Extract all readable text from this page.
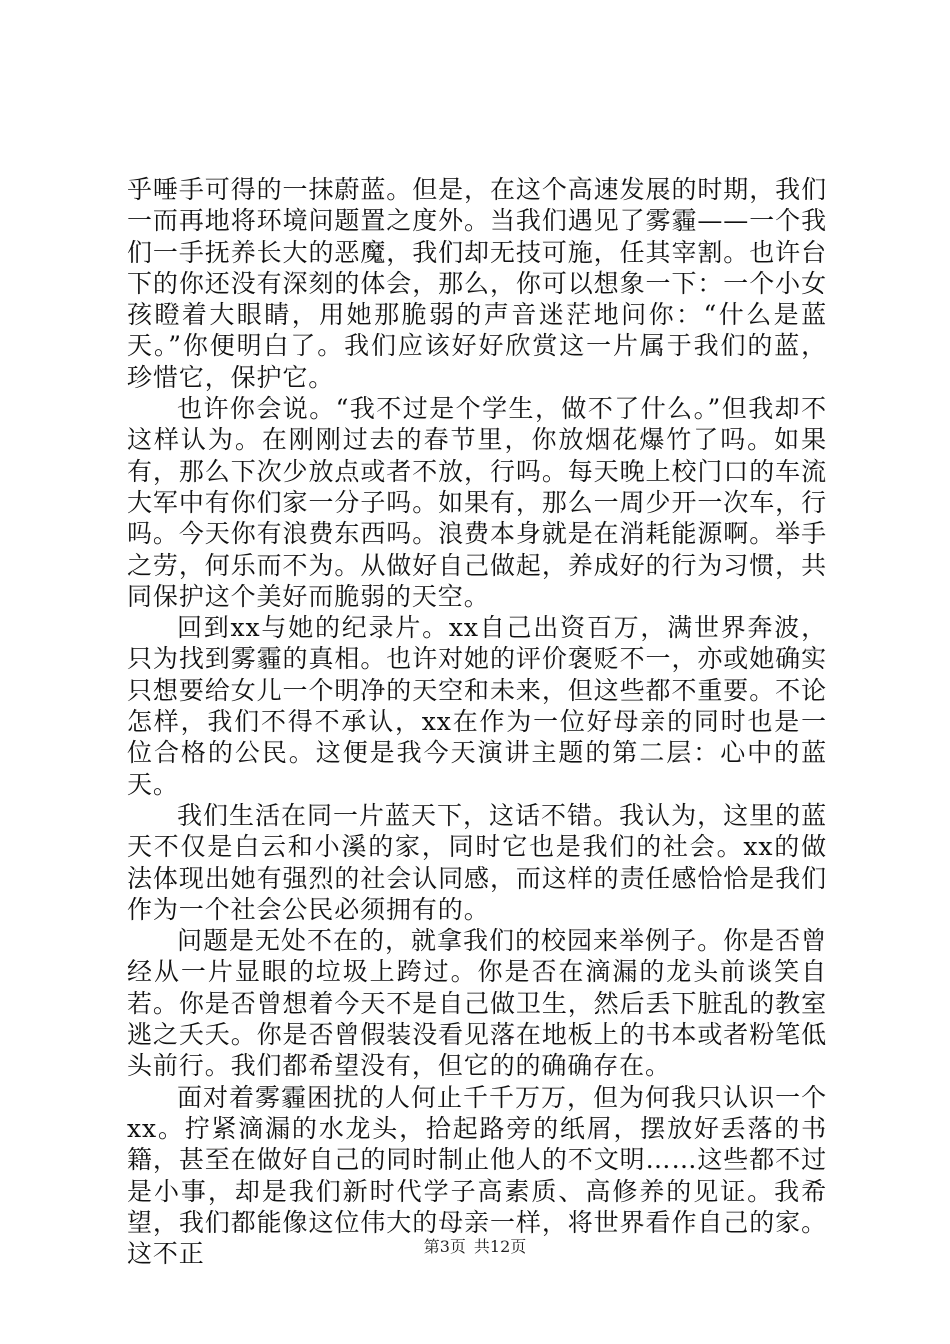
乎唾手可得的一抹蔚蓝。但是，在这个高速发展的时期，我们一而再地将环境问题置之度外。当我们遇见了雾霾——一个我们一手抚养长大的恶魔，我们却无技可施，任其宰割。也许台下的你还没有深刻的体会，那么，你可以想象一下：一个小女孩瞪着大眼睛，用她那脆弱的声音迷茫地问你：“什么是蓝天。”你便明白了。我们应该好好欣赏这一片属于我们的蓝，珍惜它，保护它。

也许你会说。“我不过是个学生，做不了什么。”但我却不这样认为。在刚刚过去的春节里，你放烟花爆竹了吗。如果有，那么下次少放点或者不放，行吗。每天晚上校门口的车流大军中有你们家一分子吗。如果有，那么一周少开一次车，行吗。今天你有浪费东西吗。浪费本身就是在消耗能源啊。举手之劳，何乐而不为。从做好自己做起，养成好的行为习惯，共同保护这个美好而脆弱的天空。

回到xx与她的纪录片。xx自己出资百万，满世界奔波，只为找到雾霾的真相。也许对她的评价褒贬不一，亦或她确实只想要给女儿一个明净的天空和未来，但这些都不重要。不论怎样，我们不得不承认，xx在作为一位好母亲的同时也是一位合格的公民。这便是我今天演讲主题的第二层：心中的蓝天。

我们生活在同一片蓝天下，这话不错。我认为，这里的蓝天不仅是白云和小溪的家，同时它也是我们的社会。xx的做法体现出她有强烈的社会认同感，而这样的责任感恰恰是我们作为一个社会公民必须拥有的。

问题是无处不在的，就拿我们的校园来举例子。你是否曾经从一片显眼的垃圾上跨过。你是否在滴漏的龙头前谈笑自若。你是否曾想着今天不是自己做卫生，然后丢下脏乱的教室逃之夭夭。你是否曾假装没看见落在地板上的书本或者粉笔低头前行。我们都希望没有，但它的的确确存在。

面对着雾霾困扰的人何止千千万万，但为何我只认识一个xx。拧紧滴漏的水龙头，拾起路旁的纸屑，摆放好丢落的书籍，甚至在做好自己的同时制止他人的不文明……这些都不过是小事，却是我们新时代学子高素质、高修养的见证。我希望，我们都能像这位伟大的母亲一样，将世界看作自己的家。这不正	第3页 共12页
